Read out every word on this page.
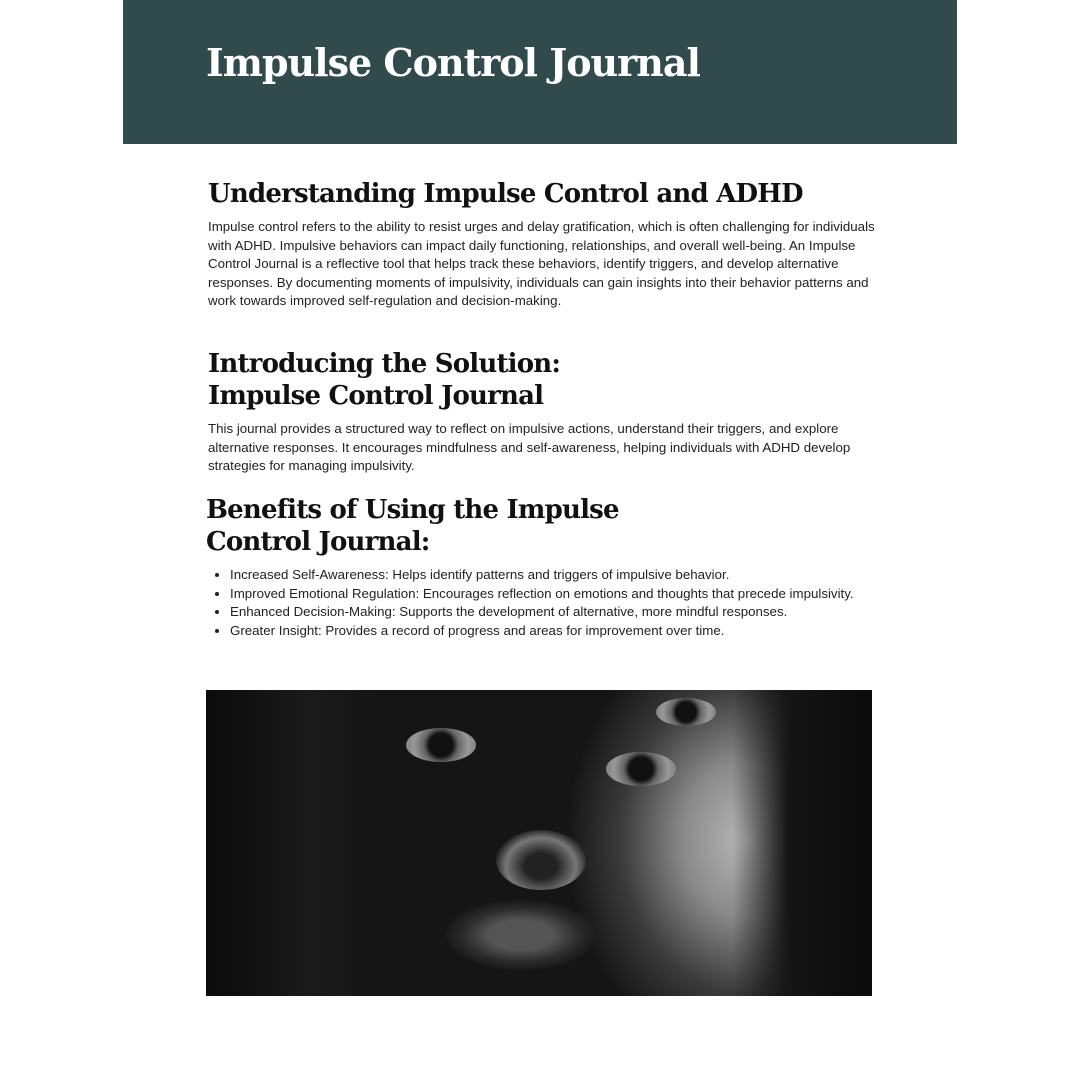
Impulse Control Journal
Understanding Impulse Control and ADHD

Impulse control refers to the ability to resist urges and delay gratification, which is often challenging for individuals with ADHD. Impulsive behaviors can impact daily functioning, relationships, and overall well-being. An Impulse Control Journal is a reflective tool that helps track these behaviors, identify triggers, and develop alternative responses. By documenting moments of impulsivity, individuals can gain insights into their behavior patterns and work towards improved self-regulation and decision-making.

Introducing the Solution:
Impulse Control Journal

This journal provides a structured way to reflect on impulsive actions, understand their triggers, and explore alternative responses. It encourages mindfulness and self-awareness, helping individuals with ADHD develop strategies for managing impulsivity.

Benefits of Using the Impulse
Control Journal:
• Increased Self-Awareness: Helps identify patterns and triggers of impulsive behavior.
• Improved Emotional Regulation: Encourages reflection on emotions and thoughts that precede impulsivity.
• Enhanced Decision-Making: Supports the development of alternative, more mindful responses.
• Greater Insight: Provides a record of progress and areas for improvement over time.
